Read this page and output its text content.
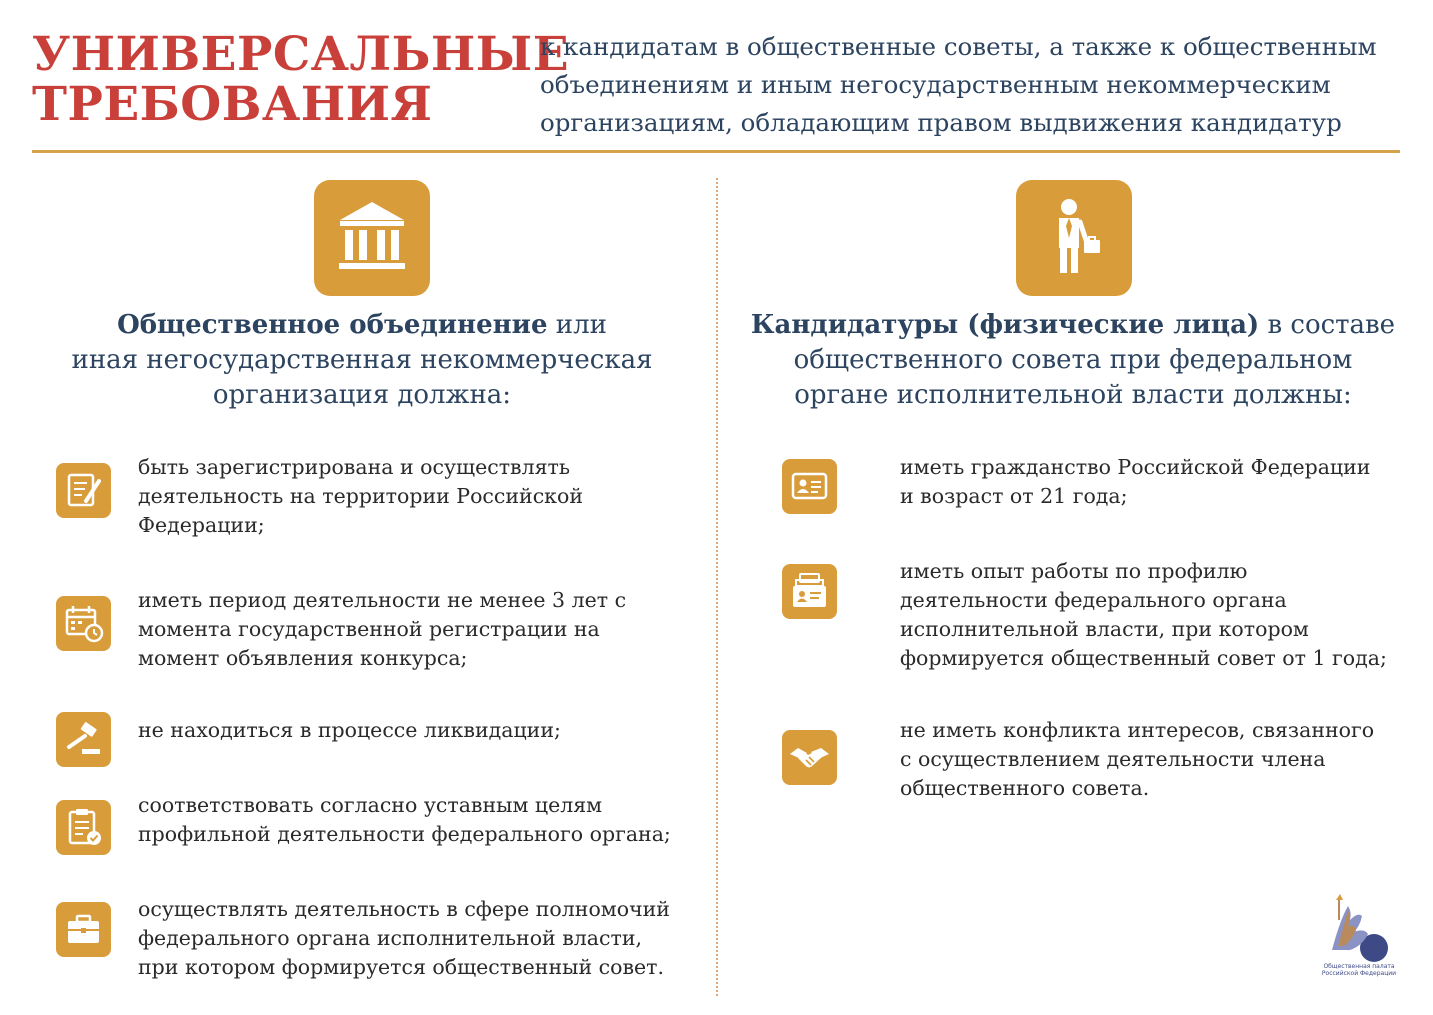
УНИВЕРСАЛЬНЫЕ
ТРЕБОВАНИЯ
к кандидатам в общественные советы, а также к общественным
объединениям и иным негосударственным некоммерческим
организациям, обладающим правом выдвижения кандидатур
Общественное объединение или
иная негосударственная некоммерческая
организация должна:
быть зарегистрирована и осуществлять
деятельность на территории Российской
Федерации;
иметь период деятельности не менее 3 лет с
момента государственной регистрации на
момент объявления конкурса;
не находиться в процессе ликвидации;
соответствовать согласно уставным целям
профильной деятельности федерального органа;
осуществлять деятельность в сфере полномочий
федерального органа исполнительной власти,
при котором формируется общественный совет.
Кандидатуры (физические лица) в составе
общественного совета при федеральном
органе исполнительной власти должны:
иметь гражданство Российской Федерации
и возраст от 21 года;
иметь опыт работы по профилю
деятельности федерального органа
исполнительной власти, при котором
формируется общественный совет от 1 года;
не иметь конфликта интересов, связанного
с осуществлением деятельности члена
общественного совета.
Общественная палата
Российской Федерации
